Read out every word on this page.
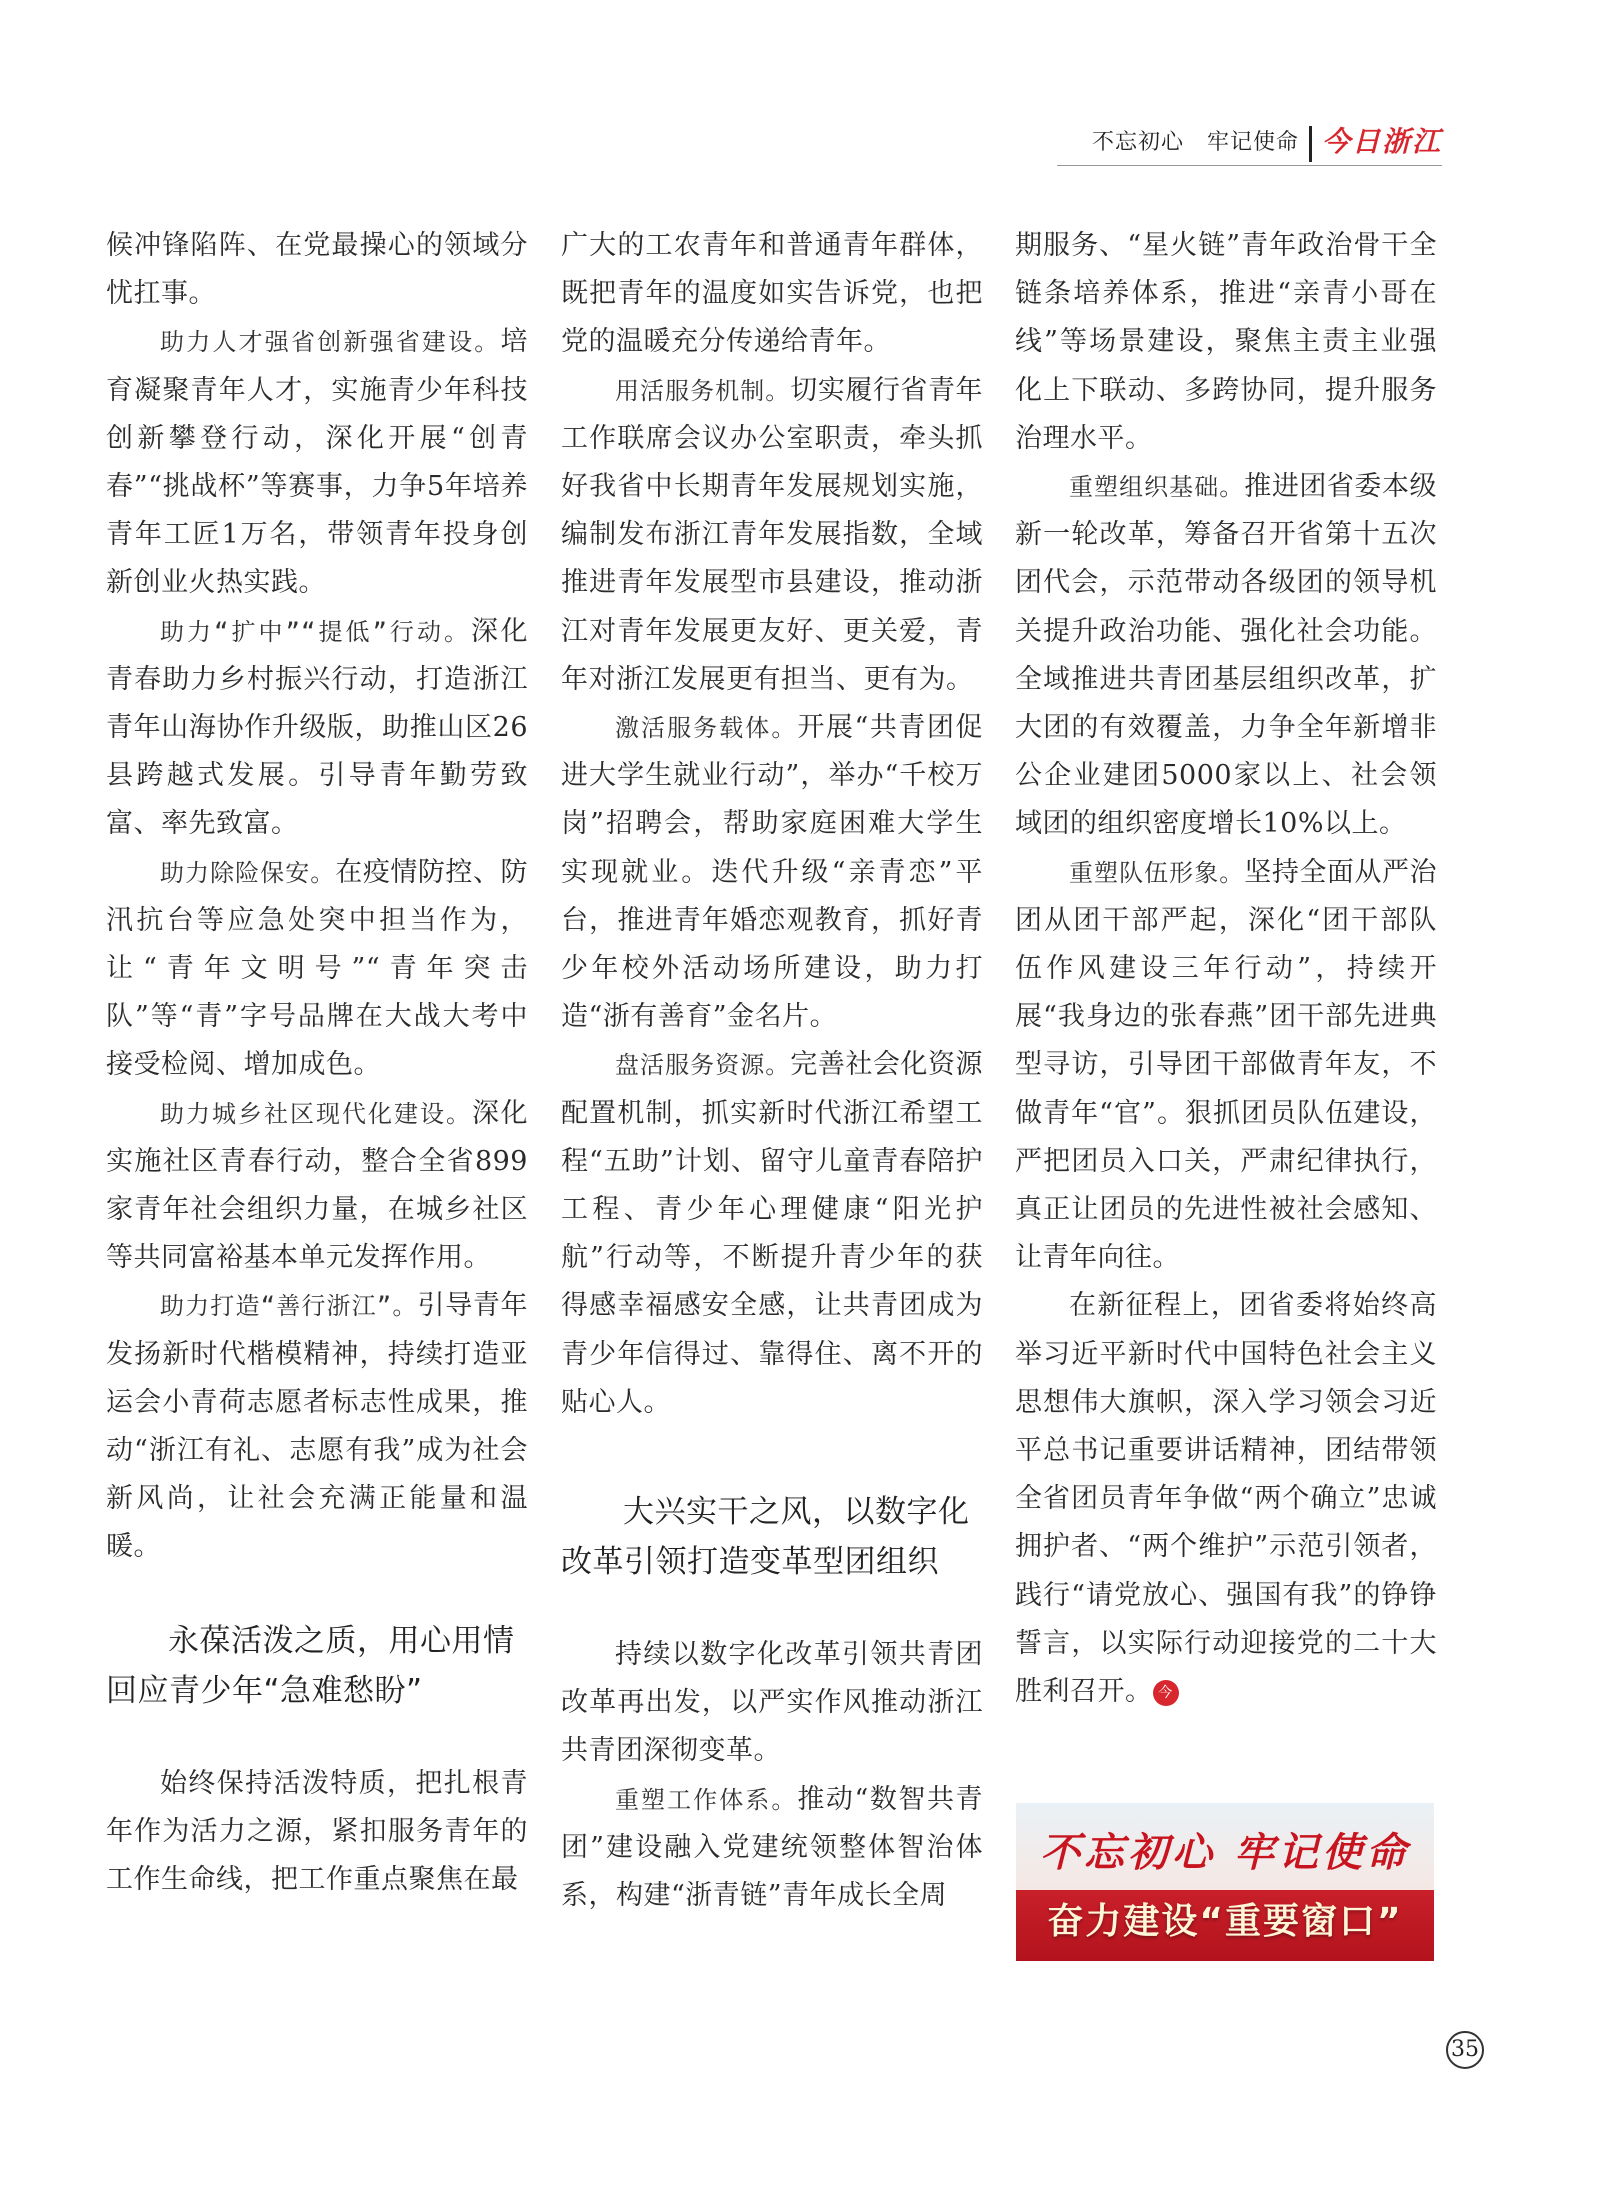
不忘初心　牢记使命 今日浙江

候冲锋陷阵、在党最操心的领域分忧扛事。

助力人才强省创新强省建设。培育凝聚青年人才，实施青少年科技创新攀登行动，深化开展“创青春”“挑战杯”等赛事，力争5年培养青年工匠1万名，带领青年投身创新创业火热实践。

助力“扩中”“提低”行动。深化青春助力乡村振兴行动，打造浙江青年山海协作升级版，助推山区26县跨越式发展。引导青年勤劳致富、率先致富。

助力除险保安。在疫情防控、防汛抗台等应急处突中担当作为，让“青年文明号”“青年突击队”等“青”字号品牌在大战大考中接受检阅、增加成色。

助力城乡社区现代化建设。深化实施社区青春行动，整合全省899家青年社会组织力量，在城乡社区等共同富裕基本单元发挥作用。

助力打造“善行浙江”。引导青年发扬新时代楷模精神，持续打造亚运会小青荷志愿者标志性成果，推动“浙江有礼、志愿有我”成为社会新风尚，让社会充满正能量和温暖。

永葆活泼之质，用心用情回应青少年“急难愁盼”

始终保持活泼特质，把扎根青年作为活力之源，紧扣服务青年的工作生命线，把工作重点聚焦在最

广大的工农青年和普通青年群体，既把青年的温度如实告诉党，也把党的温暖充分传递给青年。

用活服务机制。切实履行省青年工作联席会议办公室职责，牵头抓好我省中长期青年发展规划实施，编制发布浙江青年发展指数，全域推进青年发展型市县建设，推动浙江对青年发展更友好、更关爱，青年对浙江发展更有担当、更有为。

激活服务载体。开展“共青团促进大学生就业行动”，举办“千校万岗”招聘会，帮助家庭困难大学生实现就业。迭代升级“亲青恋”平台，推进青年婚恋观教育，抓好青少年校外活动场所建设，助力打造“浙有善育”金名片。

盘活服务资源。完善社会化资源配置机制，抓实新时代浙江希望工程“五助”计划、留守儿童青春陪护工程、青少年心理健康“阳光护航”行动等，不断提升青少年的获得感幸福感安全感，让共青团成为青少年信得过、靠得住、离不开的贴心人。

大兴实干之风，以数字化改革引领打造变革型团组织

持续以数字化改革引领共青团改革再出发，以严实作风推动浙江共青团深彻变革。

重塑工作体系。推动“数智共青团”建设融入党建统领整体智治体系，构建“浙青链”青年成长全周

期服务、“星火链”青年政治骨干全链条培养体系，推进“亲青小哥在线”等场景建设，聚焦主责主业强化上下联动、多跨协同，提升服务治理水平。

重塑组织基础。推进团省委本级新一轮改革，筹备召开省第十五次团代会，示范带动各级团的领导机关提升政治功能、强化社会功能。全域推进共青团基层组织改革，扩大团的有效覆盖，力争全年新增非公企业建团5000家以上、社会领域团的组织密度增长10%以上。

重塑队伍形象。坚持全面从严治团从团干部严起，深化“团干部队伍作风建设三年行动”，持续开展“我身边的张春燕”团干部先进典型寻访，引导团干部做青年友，不做青年“官”。狠抓团员队伍建设，严把团员入口关，严肃纪律执行，真正让团员的先进性被社会感知、让青年向往。

在新征程上，团省委将始终高举习近平新时代中国特色社会主义思想伟大旗帜，深入学习领会习近平总书记重要讲话精神，团结带领全省团员青年争做“两个确立”忠诚拥护者、“两个维护”示范引领者，践行“请党放心、强国有我”的铮铮誓言，以实际行动迎接党的二十大胜利召开。 今

不忘初心 牢记使命
奋力建设“重要窗口”
35
